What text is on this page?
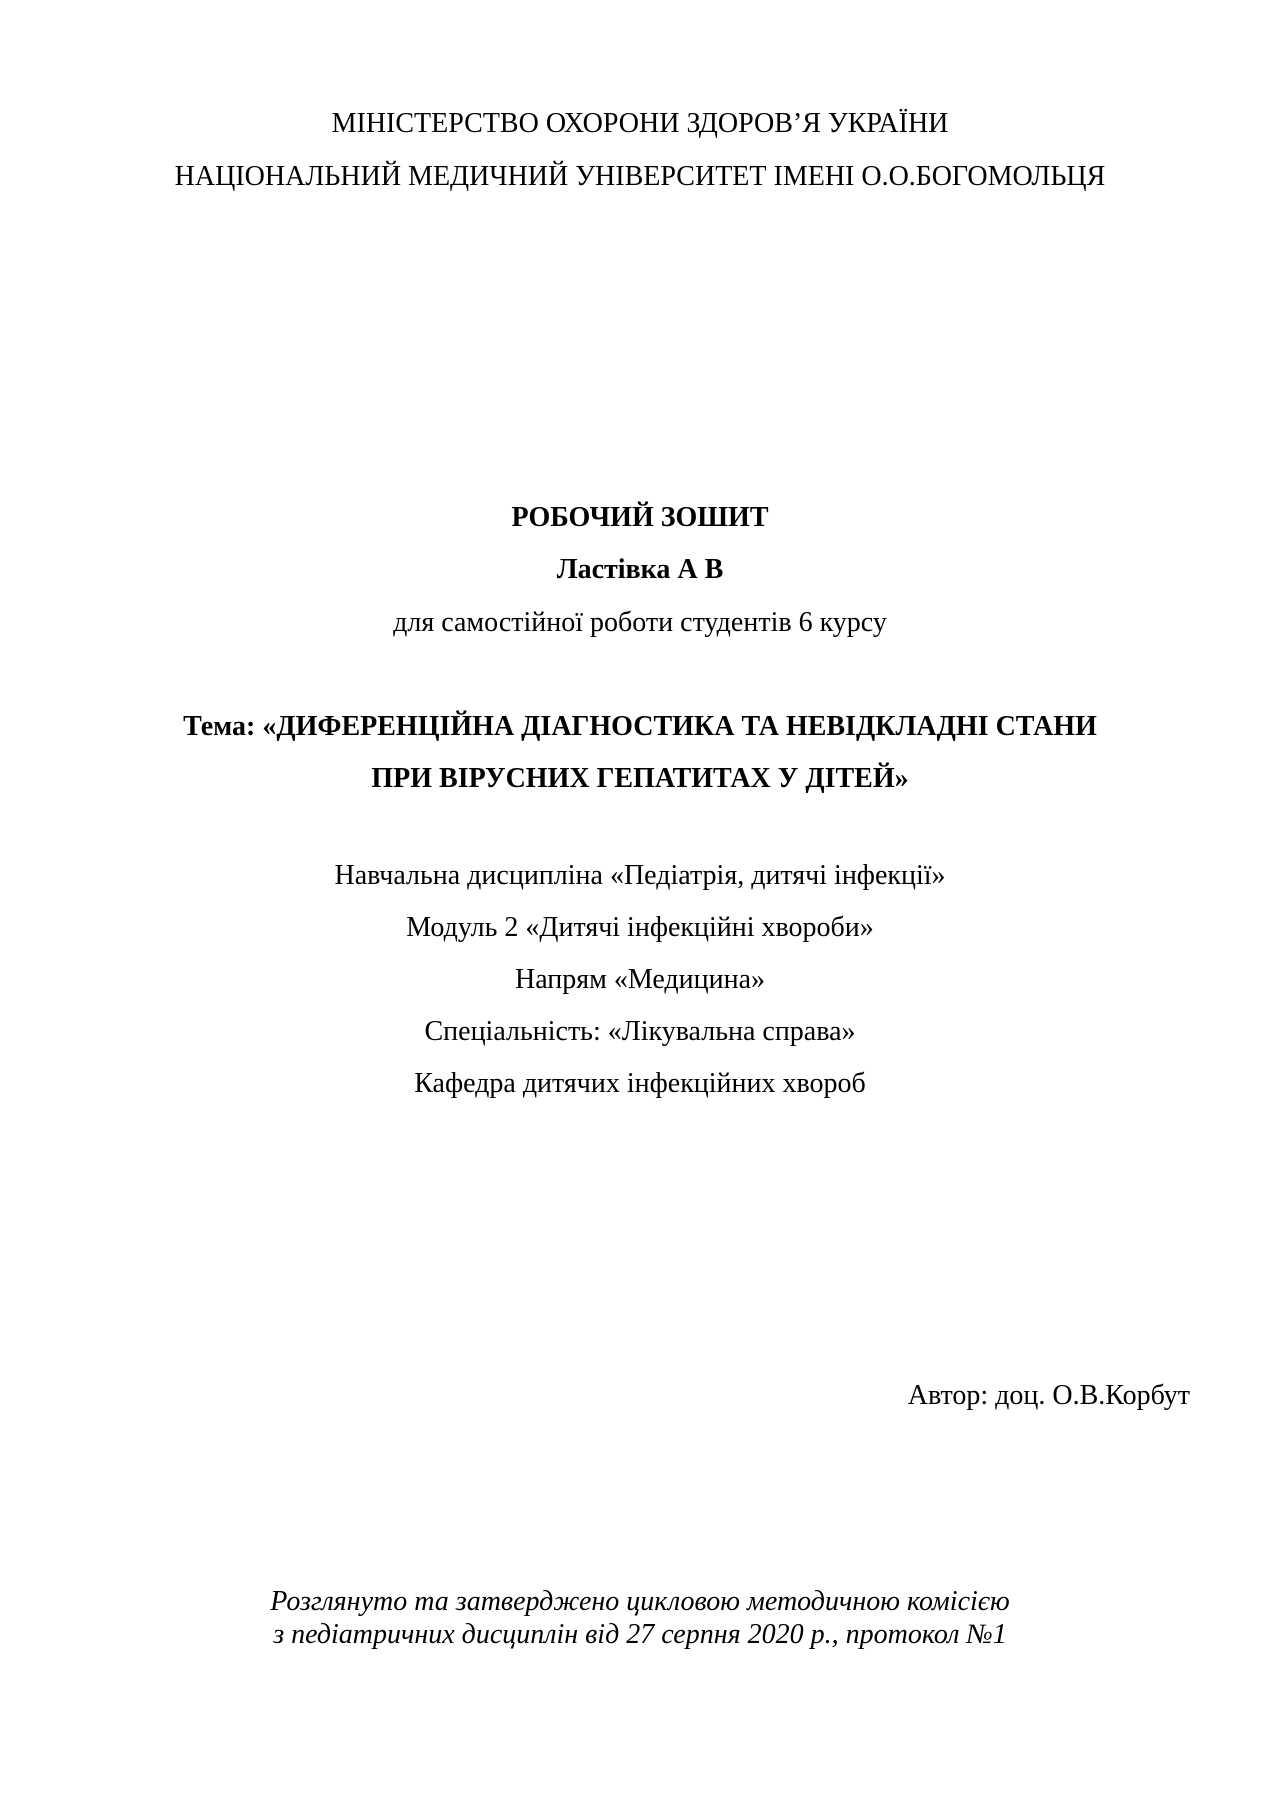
МІНІСТЕРСТВО ОХОРОНИ ЗДОРОВ’Я УКРАЇНИ
НАЦІОНАЛЬНИЙ МЕДИЧНИЙ УНІВЕРСИТЕТ ІМЕНІ О.О.БОГОМОЛЬЦЯ
РОБОЧИЙ ЗОШИТ
Ластівка А В
для самостійної роботи студентів 6 курсу
Тема: «ДИФЕРЕНЦІЙНА ДІАГНОСТИКА ТА НЕВІДКЛАДНІ СТАНИ
ПРИ ВІРУСНИХ ГЕПАТИТАХ У ДІТЕЙ»
Навчальна дисципліна «Педіатрія, дитячі інфекції»
Модуль 2 «Дитячі інфекційні хвороби»
Напрям «Медицина»
Спеціальність: «Лікувальна справа»
Кафедра дитячих інфекційних хвороб
Автор: доц. О.В.Корбут
Розглянуто та затверджено цикловою методичною комісією
з педіатричних дисциплін від 27 серпня 2020 р., протокол №1
